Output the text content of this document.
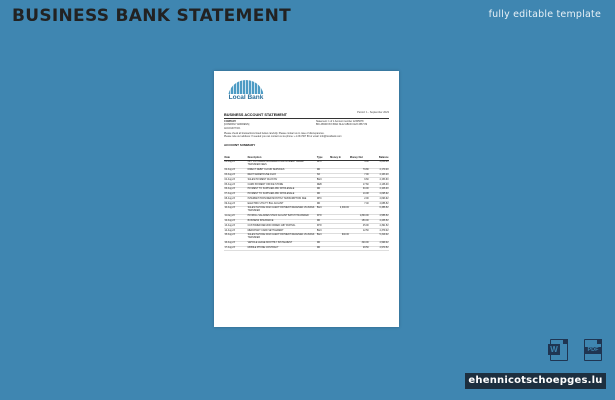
BUSINESS BANK STATEMENT	fully editable template
Local Bank
Period: 1 - September 2023
BUSINESS ACCOUNT STATEMENT
COMPANY
[COMPANY ADDRESS]
ACCOUNT NO.
Statement: 1 of 1 Account number 12345678
BIC ABCDXXX IBAN NL12 ABCD 0123 4567 89
Please check all transactions listed below carefully. Please contact us in case of discrepancies.
Please note our address: If needed you can contact us via phone: +1 234 567 89 or email: info@localbank.com
ACCOUNT SUMMARY
Date	Description	Type	Money In	Money Out	Balance
01 Aug 23	OPT OUT BANK/TRANSFER 07/23 PAYMENT CREDIT TRANSFER FEES	DPC		4.00	4,250.00
02 Aug 23	DIRECT DEBIT CLOUD SERVICES	DD		79.80	4,170.20
03 Aug 23	RENT WAREHOUSE 01/23	SO		7.00	4,163.20
04 Aug 23	SALES PAYMENT 01/23 INV	BGC		9.60	4,153.60
05 Aug 23	CARD PAYMENT OFFICE STORE	DEB		17.60	4,136.00
06 Aug 23	PAYMENT TO SUPPLIER ABC WHOLESALE	DD		30.00	4,106.00
07 Aug 23	PAYMENT TO SUPPLIER ABC WHOLESALE	DD		10.08	4,095.92
08 Aug 23	INTERNET PROVIDER MONTHLY SUBSCRIPTION FEE	DPC		2.00	4,093.92
09 Aug 23	ELECTRIC UTILITY BILL AUGUST	DD		7.40	4,086.52
10 Aug 23	SALES INVOICE 0042 CLIENT PAYMENT RECEIVED VIA BANK TRANSFER	BGC	2,300.00		6,386.52
11 Aug 23	PAYROLL SALARIES STAFF AUGUST BATCH TRANSFER	FPO		1,800.00	4,586.52
12 Aug 23	BUSINESS INSURANCE	DD		150.00	4,436.52
13 Aug 23	CUSTOMER REFUND ORDER 1187 PARTIAL	FPO		45.00	4,391.52
14 Aug 23	MERCHANT CARD SETTLEMENT	BGC		12.50	4,379.02
15 Aug 23	SALES INVOICE 0043 CLIENT PAYMENT RECEIVED VIA BANK TRANSFER	BGC	940.00		5,319.02
16 Aug 23	VEHICLE LEASE MONTHLY INSTALMENT	DD		320.00	4,999.02
17 Aug 23	MOBILE PHONE CONTRACT	DD		28.50	4,970.52
W	PDF
ehennicotschoepges.lu
